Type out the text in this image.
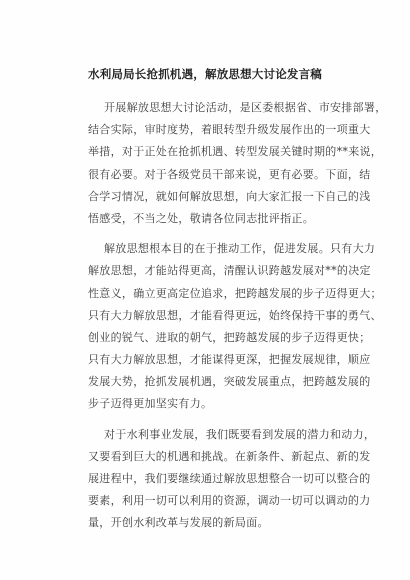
水利局局长抢抓机遇，解放思想大讨论发言稿

开展解放思想大讨论活动，是区委根据省、市安排部署，
结合实际，审时度势，着眼转型升级发展作出的一项重大
举措，对于正处在抢抓机遇、转型发展关键时期的**来说，
很有必要。对于各级党员干部来说，更有必要。下面，结
合学习情况，就如何解放思想，向大家汇报一下自己的浅
悟感受，不当之处，敬请各位同志批评指正。

解放思想根本目的在于推动工作，促进发展。只有大力
解放思想，才能站得更高，清醒认识跨越发展对**的决定
性意义，确立更高定位追求，把跨越发展的步子迈得更大；
只有大力解放思想，才能看得更远，始终保持干事的勇气、
创业的锐气、进取的朝气，把跨越发展的步子迈得更快；
只有大力解放思想，才能谋得更深，把握发展规律，顺应
发展大势，抢抓发展机遇，突破发展重点，把跨越发展的
步子迈得更加坚实有力。

对于水利事业发展，我们既要看到发展的潜力和动力，
又要看到巨大的机遇和挑战。在新条件、新起点、新的发
展进程中，我们要继续通过解放思想整合一切可以整合的
要素，利用一切可以利用的资源，调动一切可以调动的力
量，开创水利改革与发展的新局面。
